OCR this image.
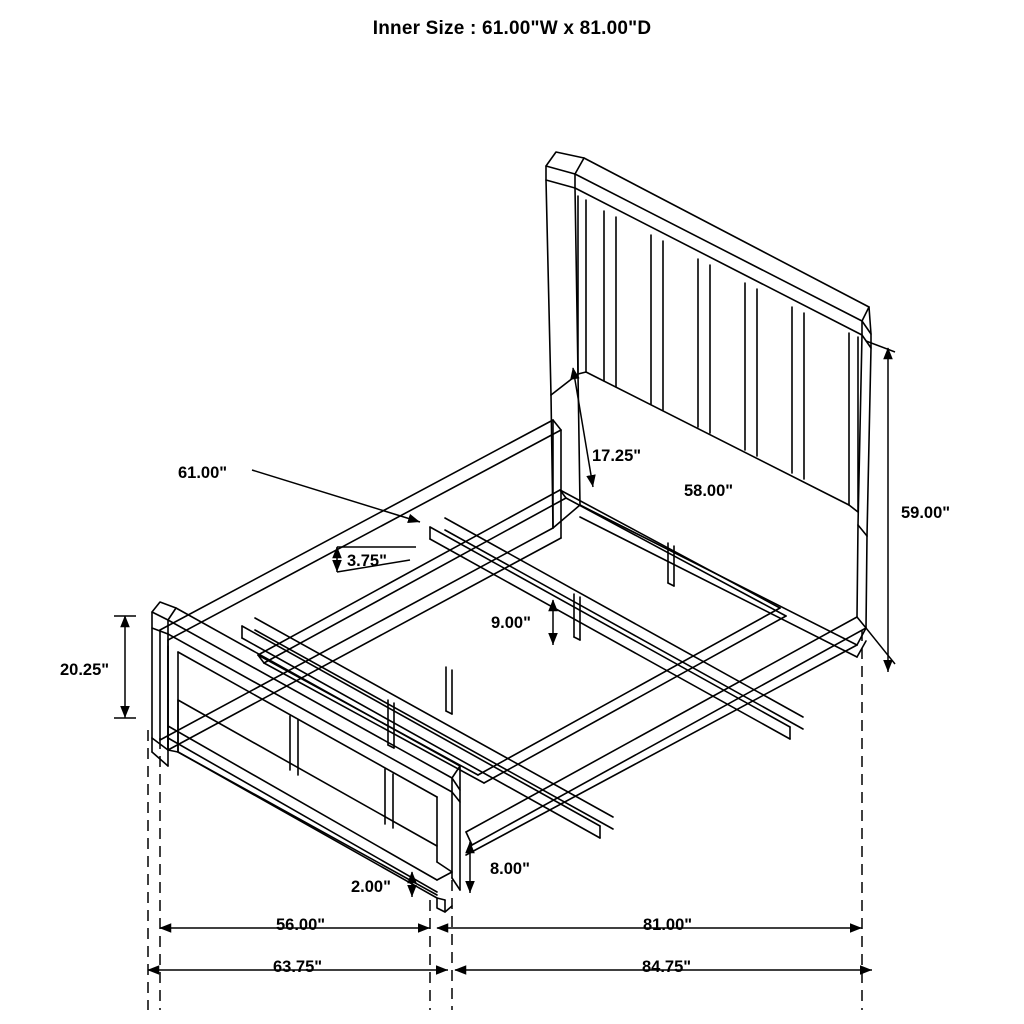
Inner Size : 61.00"W x 81.00"D
61.00"
3.75"
17.25"
58.00"
59.00"
9.00"
20.25"
8.00"
2.00"
56.00"	81.00"
63.75"	84.75"
